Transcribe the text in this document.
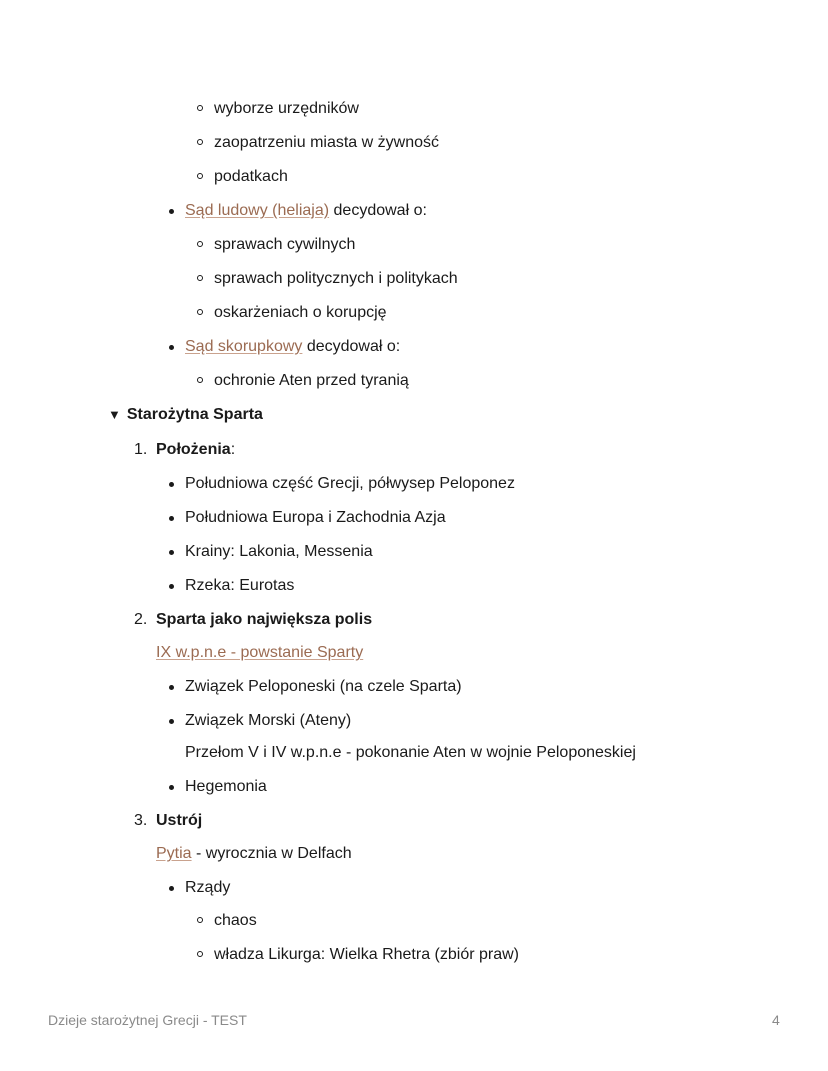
wyborze urzędników
zaopatrzeniu miasta w żywność
podatkach
Sąd ludowy (heliaja) decydował o:
sprawach cywilnych
sprawach politycznych i politykach
oskarżeniach o korupcję
Sąd skorupkowy decydował o:
ochronie Aten przed tyranią
▼ Starożytna Sparta
1. Położenia:
Południowa część Grecji, półwysep Peloponez
Południowa Europa i Zachodnia Azja
Krainy: Lakonia, Messenia
Rzeka: Eurotas
2. Sparta jako największa polis
IX w.p.n.e - powstanie Sparty
Związek Peloponeski (na czele Sparta)
Związek Morski (Ateny)
Przełom V i IV w.p.n.e - pokonanie Aten w wojnie Peloponeskiej
Hegemonia
3. Ustrój
Pytia - wyrocznia w Delfach
Rządy
chaos
władza Likurga: Wielka Rhetra (zbiór praw)
Dzieje starożytnej Grecji - TEST	4
